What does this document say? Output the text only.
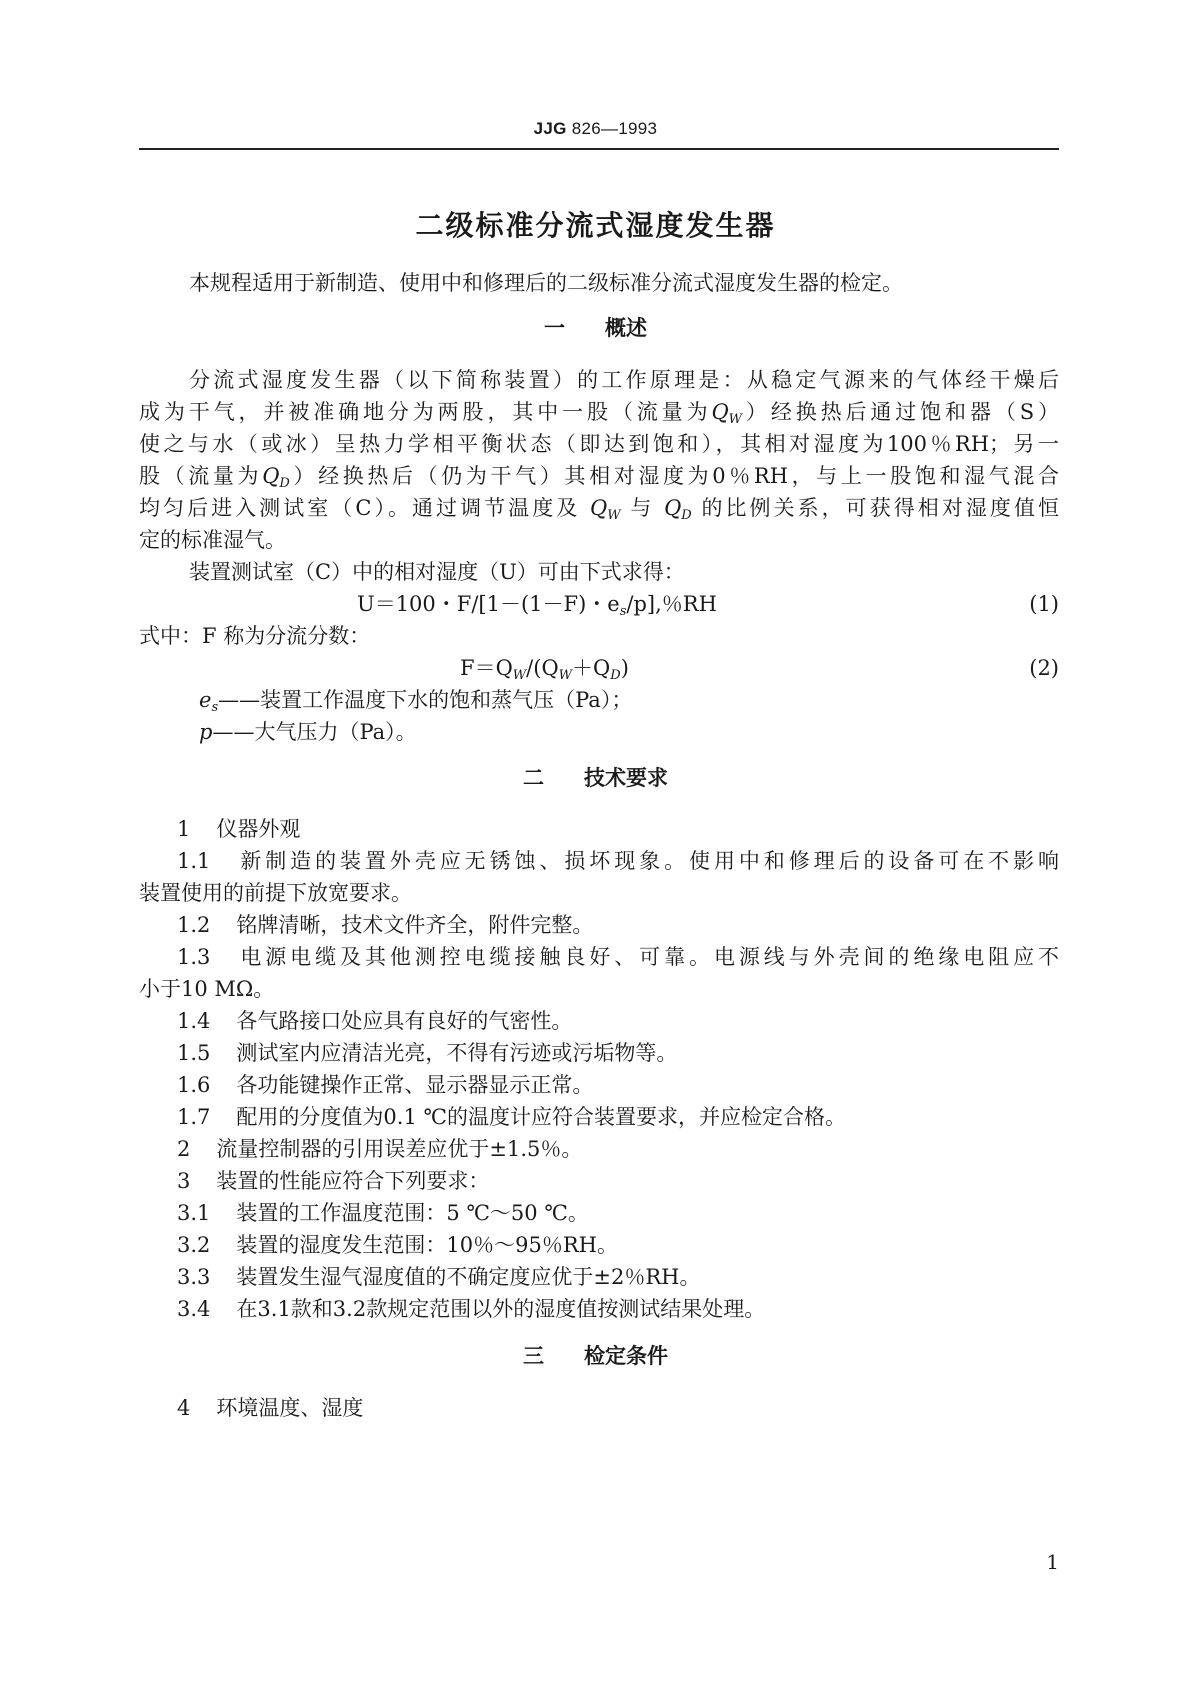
JJG 826—1993
二级标准分流式湿度发生器
本规程适用于新制造、使用中和修理后的二级标准分流式湿度发生器的检定。
一 概述
分流式湿度发生器（以下简称装置）的工作原理是：从稳定气源来的气体经干燥后
成为干气，并被准确地分为两股，其中一股（流量为$Q_W$）经换热后通过饱和器（S）
使之与水（或冰）呈热力学相平衡状态（即达到饱和），其相对湿度为100％RH；另一
股（流量为$Q_D$）经换热后（仍为干气）其相对湿度为0％RH，与上一股饱和湿气混合
均匀后进入测试室（C）。通过调节温度及 $Q_W$ 与 $Q_D$ 的比例关系，可获得相对湿度值恒
定的标准湿气。
装置测试室（C）中的相对湿度（U）可由下式求得：
U＝100・F/[1－(1－F)・$e_s/p$],％RH	(1)
式中：F 称为分流分数：
$F=Q_W/(Q_W+Q_D)$	(2)
$e_s——$装置工作温度下水的饱和蒸气压（Pa）；
p——大气压力（Pa）。
二 技术要求
1 仪器外观
1.1 新制造的装置外壳应无锈蚀、损坏现象。使用中和修理后的设备可在不影响
装置使用的前提下放宽要求。
1.2 铭牌清晰，技术文件齐全，附件完整。
1.3 电源电缆及其他测控电缆接触良好、可靠。电源线与外壳间的绝缘电阻应不
小于10 MΩ。
1.4 各气路接口处应具有良好的气密性。
1.5 测试室内应清洁光亮，不得有污迹或污垢物等。
1.6 各功能键操作正常、显示器显示正常。
1.7 配用的分度值为0.1 ℃的温度计应符合装置要求，并应检定合格。
2 流量控制器的引用误差应优于±1.5％。
3 装置的性能应符合下列要求：
3.1 装置的工作温度范围：5 ℃～50 ℃。
3.2 装置的湿度发生范围：10％～95％RH。
3.3 装置发生湿气湿度值的不确定度应优于±2％RH。
3.4 在3.1款和3.2款规定范围以外的湿度值按测试结果处理。
三 检定条件
4 环境温度、湿度
1
